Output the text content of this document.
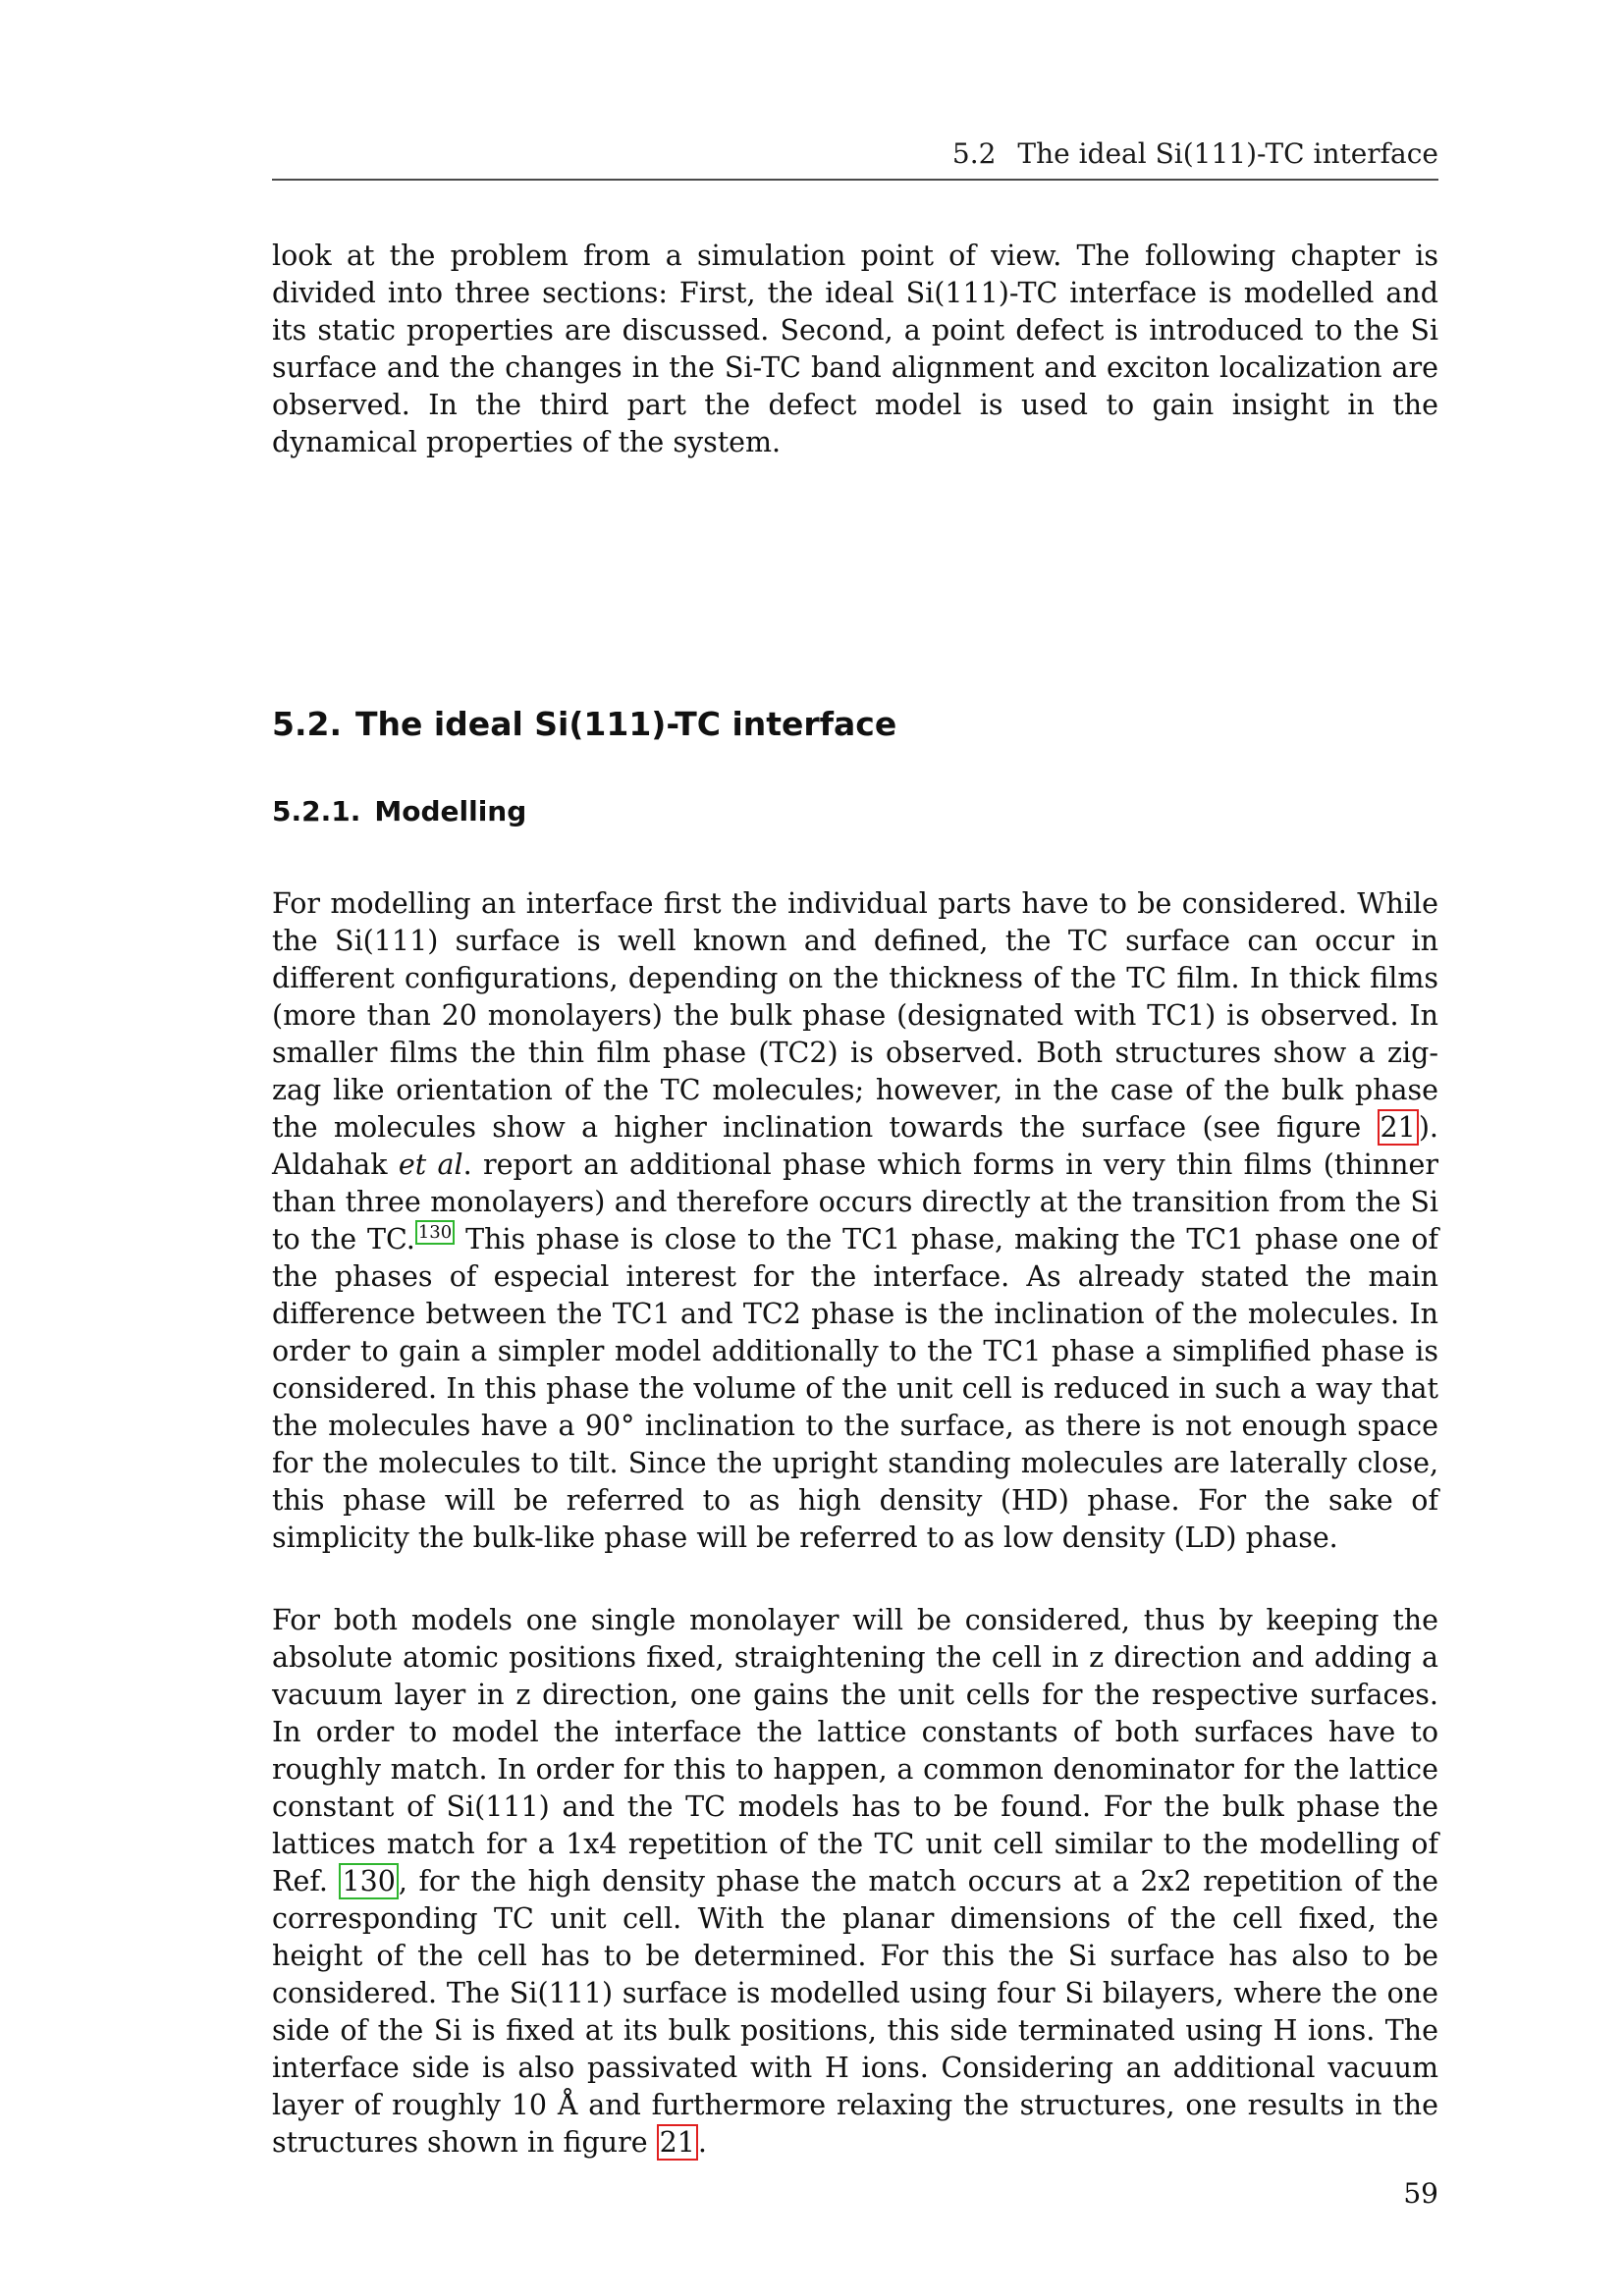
5.2 The ideal Si(111)-TC interface

look at the problem from a simulation point of view. The following chapter is divided into three sections: First, the ideal Si(111)-TC interface is modelled and its static properties are discussed. Second, a point defect is introduced to the Si surface and the changes in the Si-TC band alignment and exciton localization are observed. In the third part the defect model is used to gain insight in the dynamical properties of the system.

5.2. The ideal Si(111)-TC interface
5.2.1. Modelling

For modelling an interface first the individual parts have to be considered. While the Si(111) surface is well known and defined, the TC surface can occur in different configurations, depending on the thickness of the TC film. In thick films (more than 20 monolayers) the bulk phase (designated with TC1) is observed. In smaller films the thin film phase (TC2) is observed. Both structures show a zig-zag like orientation of the TC molecules; however, in the case of the bulk phase the molecules show a higher inclination towards the surface (see figure 21 ). Aldahak et al. report an additional phase which forms in very thin films (thinner than three monolayers) and therefore occurs directly at the transition from the Si to the TC. $^{130}$ This phase is close to the TC1 phase, making the TC1 phase one of the phases of especial interest for the interface. As already stated the main difference between the TC1 and TC2 phase is the inclination of the molecules. In order to gain a simpler model additionally to the TC1 phase a simplified phase is considered. In this phase the volume of the unit cell is reduced in such a way that the molecules have a 90° inclination to the surface, as there is not enough space for the molecules to tilt. Since the upright standing molecules are laterally close, this phase will be referred to as high density (HD) phase. For the sake of simplicity the bulk-like phase will be referred to as low density (LD) phase.

For both models one single monolayer will be considered, thus by keeping the absolute atomic positions fixed, straightening the cell in z direction and adding a vacuum layer in z direction, one gains the unit cells for the respective surfaces. In order to model the interface the lattice constants of both surfaces have to roughly match. In order for this to happen, a common denominator for the lattice constant of Si(111) and the TC models has to be found. For the bulk phase the lattices match for a 1x4 repetition of the TC unit cell similar to the modelling of Ref. 130 , for the high density phase the match occurs at a 2x2 repetition of the corresponding TC unit cell. With the planar dimensions of the cell fixed, the height of the cell has to be determined. For this the Si surface has also to be considered. The Si(111) surface is modelled using four Si bilayers, where the one side of the Si is fixed at its bulk positions, this side terminated using H ions. The interface side is also passivated with H ions. Considering an additional vacuum layer of roughly 10 Å and furthermore relaxing the structures, one results in the structures shown in figure 21 .

59
